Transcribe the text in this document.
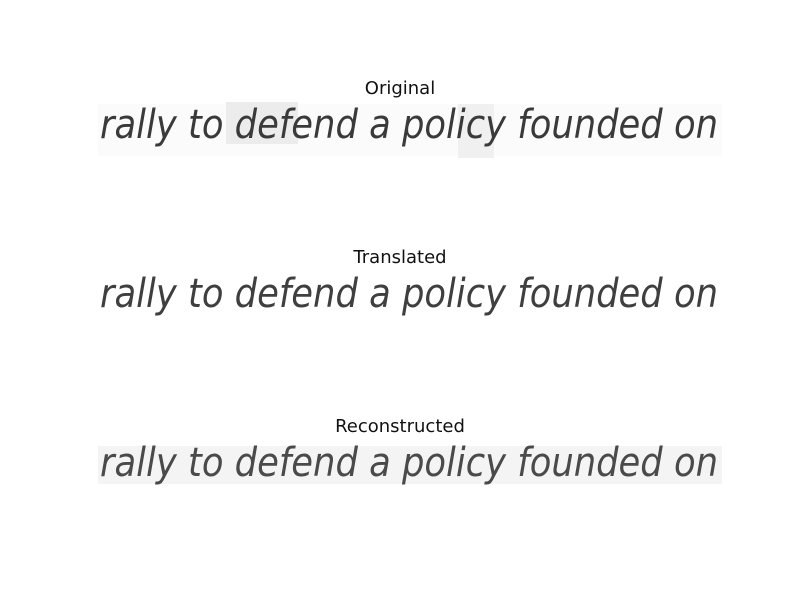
Original
rally to defend a policy founded on
Translated
rally to defend a policy founded on
Reconstructed
rally to defend a policy founded on
